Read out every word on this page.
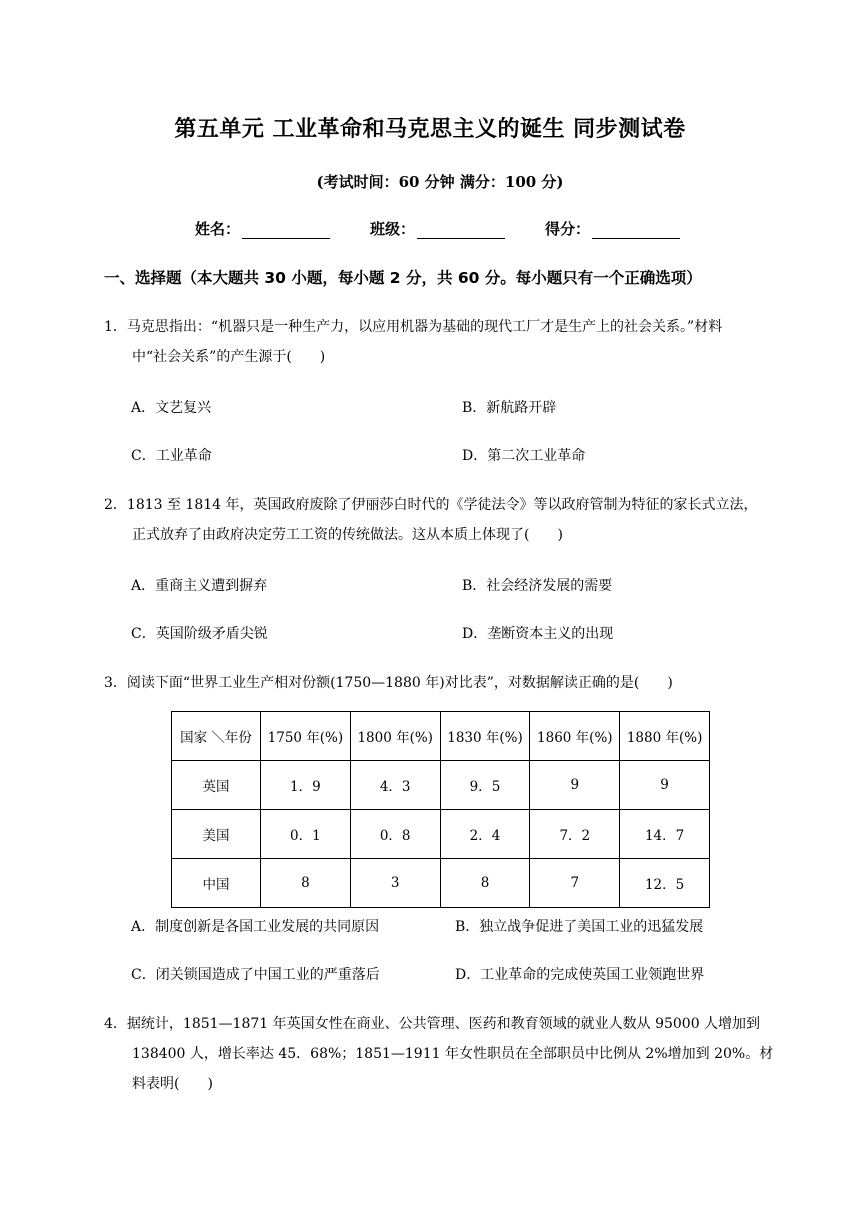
第五单元 工业革命和马克思主义的诞生 同步测试卷
(考试时间：60 分钟 满分：100 分)
姓名：	班级：	得分：
一、选择题（本大题共 30 小题，每小题 2 分，共 60 分。每小题只有一个正确选项）
1．马克思指出：“机器只是一种生产力，以应用机器为基础的现代工厂才是生产上的社会关系。”材料
中“社会关系”的产生源于(　　)
A．文艺复兴	B．新航路开辟
C．工业革命	D．第二次工业革命
2．1813 至 1814 年，英国政府废除了伊丽莎白时代的《学徒法令》等以政府管制为特征的家长式立法，
正式放弃了由政府决定劳工工资的传统做法。这从本质上体现了(　　)
A．重商主义遭到摒弃	B．社会经济发展的需要
C．英国阶级矛盾尖锐	D．垄断资本主义的出现
3．阅读下面“世界工业生产相对份额(1750—1880 年)对比表”，对数据解读正确的是(　　)
国家 ＼年份	1750 年(%)	1800 年(%)	1830 年(%)	1860 年(%)	1880 年(%)
英国	1．9	4．3	9．5	9	9
美国	0．1	0．8	2．4	7．2	14．7
中国	8	3	8	7	12．5
A．制度创新是各国工业发展的共同原因	B．独立战争促进了美国工业的迅猛发展
C．闭关锁国造成了中国工业的严重落后	D．工业革命的完成使英国工业领跑世界
4．据统计，1851—1871 年英国女性在商业、公共管理、医药和教育领域的就业人数从 95000 人增加到
138400 人，增长率达 45．68%；1851—1911 年女性职员在全部职员中比例从 2%增加到 20%。材
料表明(　　)
